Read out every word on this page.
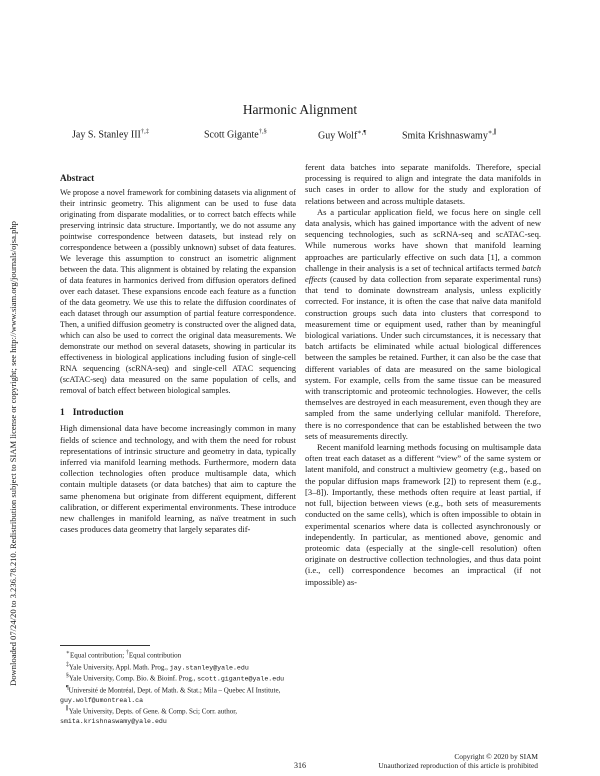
Downloaded 07/24/20 to 3.236.78.210. Redistribution subject to SIAM license or copyright; see http://www.siam.org/journals/ojsa.php
Harmonic Alignment
Jay S. Stanley III†,‡	Scott Gigante†,§	Guy Wolf∗,¶	Smita Krishnaswamy∗,∥
Abstract

We propose a novel framework for combining datasets via alignment of their intrinsic geometry. This alignment can be used to fuse data originating from disparate modalities, or to correct batch effects while preserving intrinsic data structure. Importantly, we do not assume any pointwise correspondence between datasets, but instead rely on correspondence between a (possibly unknown) subset of data features. We leverage this assumption to construct an isometric alignment between the data. This alignment is obtained by relating the expansion of data features in harmonics derived from diffusion operators defined over each dataset. These expansions encode each feature as a function of the data geometry. We use this to relate the diffusion coordinates of each dataset through our assumption of partial feature correspondence. Then, a unified diffusion geometry is constructed over the aligned data, which can also be used to correct the original data measurements. We demonstrate our method on several datasets, showing in particular its effectiveness in biological applications including fusion of single-cell RNA sequencing (scRNA-seq) and single-cell ATAC sequencing (scATAC-seq) data measured on the same population of cells, and removal of batch effect between biological samples.

1 Introduction

High dimensional data have become increasingly common in many fields of science and technology, and with them the need for robust representations of intrinsic structure and geometry in data, typically inferred via manifold learning methods. Furthermore, modern data collection technologies often produce multisample data, which contain multiple datasets (or data batches) that aim to capture the same phenomena but originate from different equipment, different calibration, or different experimental environments. These introduce new challenges in manifold learning, as naïve treatment in such cases produces data geometry that largely separates dif-

ferent data batches into separate manifolds. Therefore, special processing is required to align and integrate the data manifolds in such cases in order to allow for the study and exploration of relations between and across multiple datasets.

As a particular application field, we focus here on single cell data analysis, which has gained importance with the advent of new sequencing technologies, such as scRNA-seq and scATAC-seq. While numerous works have shown that manifold learning approaches are particularly effective on such data [1], a common challenge in their analysis is a set of technical artifacts termed batch effects (caused by data collection from separate experimental runs) that tend to dominate downstream analysis, unless explicitly corrected. For instance, it is often the case that naïve data manifold construction groups such data into clusters that correspond to measurement time or equipment used, rather than by meaningful biological variations. Under such circumstances, it is necessary that batch artifacts be eliminated while actual biological differences between the samples be retained. Further, it can also be the case that different variables of data are measured on the same biological system. For example, cells from the same tissue can be measured with transcriptomic and proteomic technologies. However, the cells themselves are destroyed in each measurement, even though they are sampled from the same underlying cellular manifold. Therefore, there is no correspondence that can be established between the two sets of measurements directly.

Recent manifold learning methods focusing on multisample data often treat each dataset as a different “view” of the same system or latent manifold, and construct a multiview geometry (e.g., based on the popular diffusion maps framework [2]) to represent them (e.g., [3–8]). Importantly, these methods often require at least partial, if not full, bijection between views (e.g., both sets of measurements conducted on the same cells), which is often impossible to obtain in experimental scenarios where data is collected asynchronously or independently. In particular, as mentioned above, genomic and proteomic data (especially at the single-cell resolution) often originate on destructive collection technologies, and thus data point (i.e., cell) correspondence becomes an impractical (if not impossible) as-

∗Equal contribution; †Equal contribution
‡Yale University, Appl. Math. Prog., jay.stanley@yale.edu
§Yale University, Comp. Bio. & Bioinf. Prog., scott.gigante@yale.edu
¶Université de Montréal, Dept. of Math. & Stat.; Mila – Quebec AI Institute, guy.wolf@umontreal.ca
∥Yale University, Depts. of Gene. & Comp. Sci; Corr. author, smita.krishnaswamy@yale.edu
316
Copyright © 2020 by SIAM
Unauthorized reproduction of this article is prohibited
